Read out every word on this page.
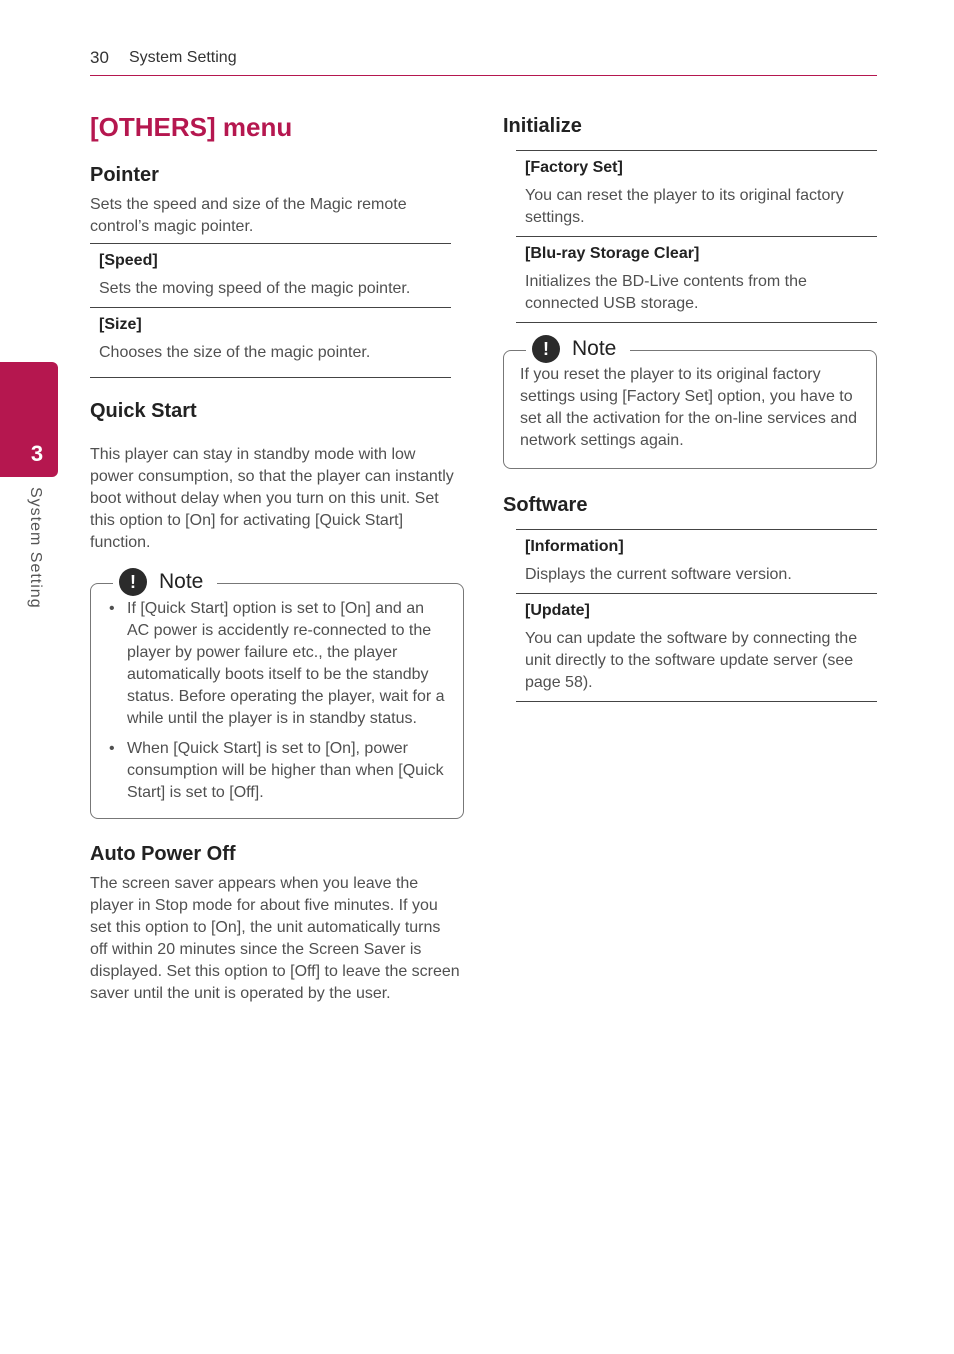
30 System Setting
3
System Setting
[OTHERS] menu
Pointer

Sets the speed and size of the Magic remote control’s magic pointer.

[Speed]

Sets the moving speed of the magic pointer.

[Size]

Chooses the size of the magic pointer.

Quick Start

This player can stay in standby mode with low power consumption, so that the player can instantly boot without delay when you turn on this unit. Set this option to [On] for activating [Quick Start] function.

!	Note
• If [Quick Start] option is set to [On] and an AC power is accidently re-connected to the player by power failure etc., the player automatically boots itself to be the standby status. Before operating the player, wait for a while until the player is in standby status.
• When [Quick Start] is set to [On], power consumption will be higher than when [Quick Start] is set to [Off].
Auto Power Off

The screen saver appears when you leave the player in Stop mode for about five minutes. If you set this option to [On], the unit automatically turns off within 20 minutes since the Screen Saver is displayed. Set this option to [Off] to leave the screen saver until the unit is operated by the user.

Initialize
[Factory Set]

You can reset the player to its original factory settings.

[Blu-ray Storage Clear]

Initializes the BD-Live contents from the connected USB storage.

!	Note

If you reset the player to its original factory settings using [Factory Set] option, you have to set all the activation for the on-line services and network settings again.

Software
[Information]

Displays the current software version.

[Update]

You can update the software by connecting the unit directly to the software update server (see page 58).
